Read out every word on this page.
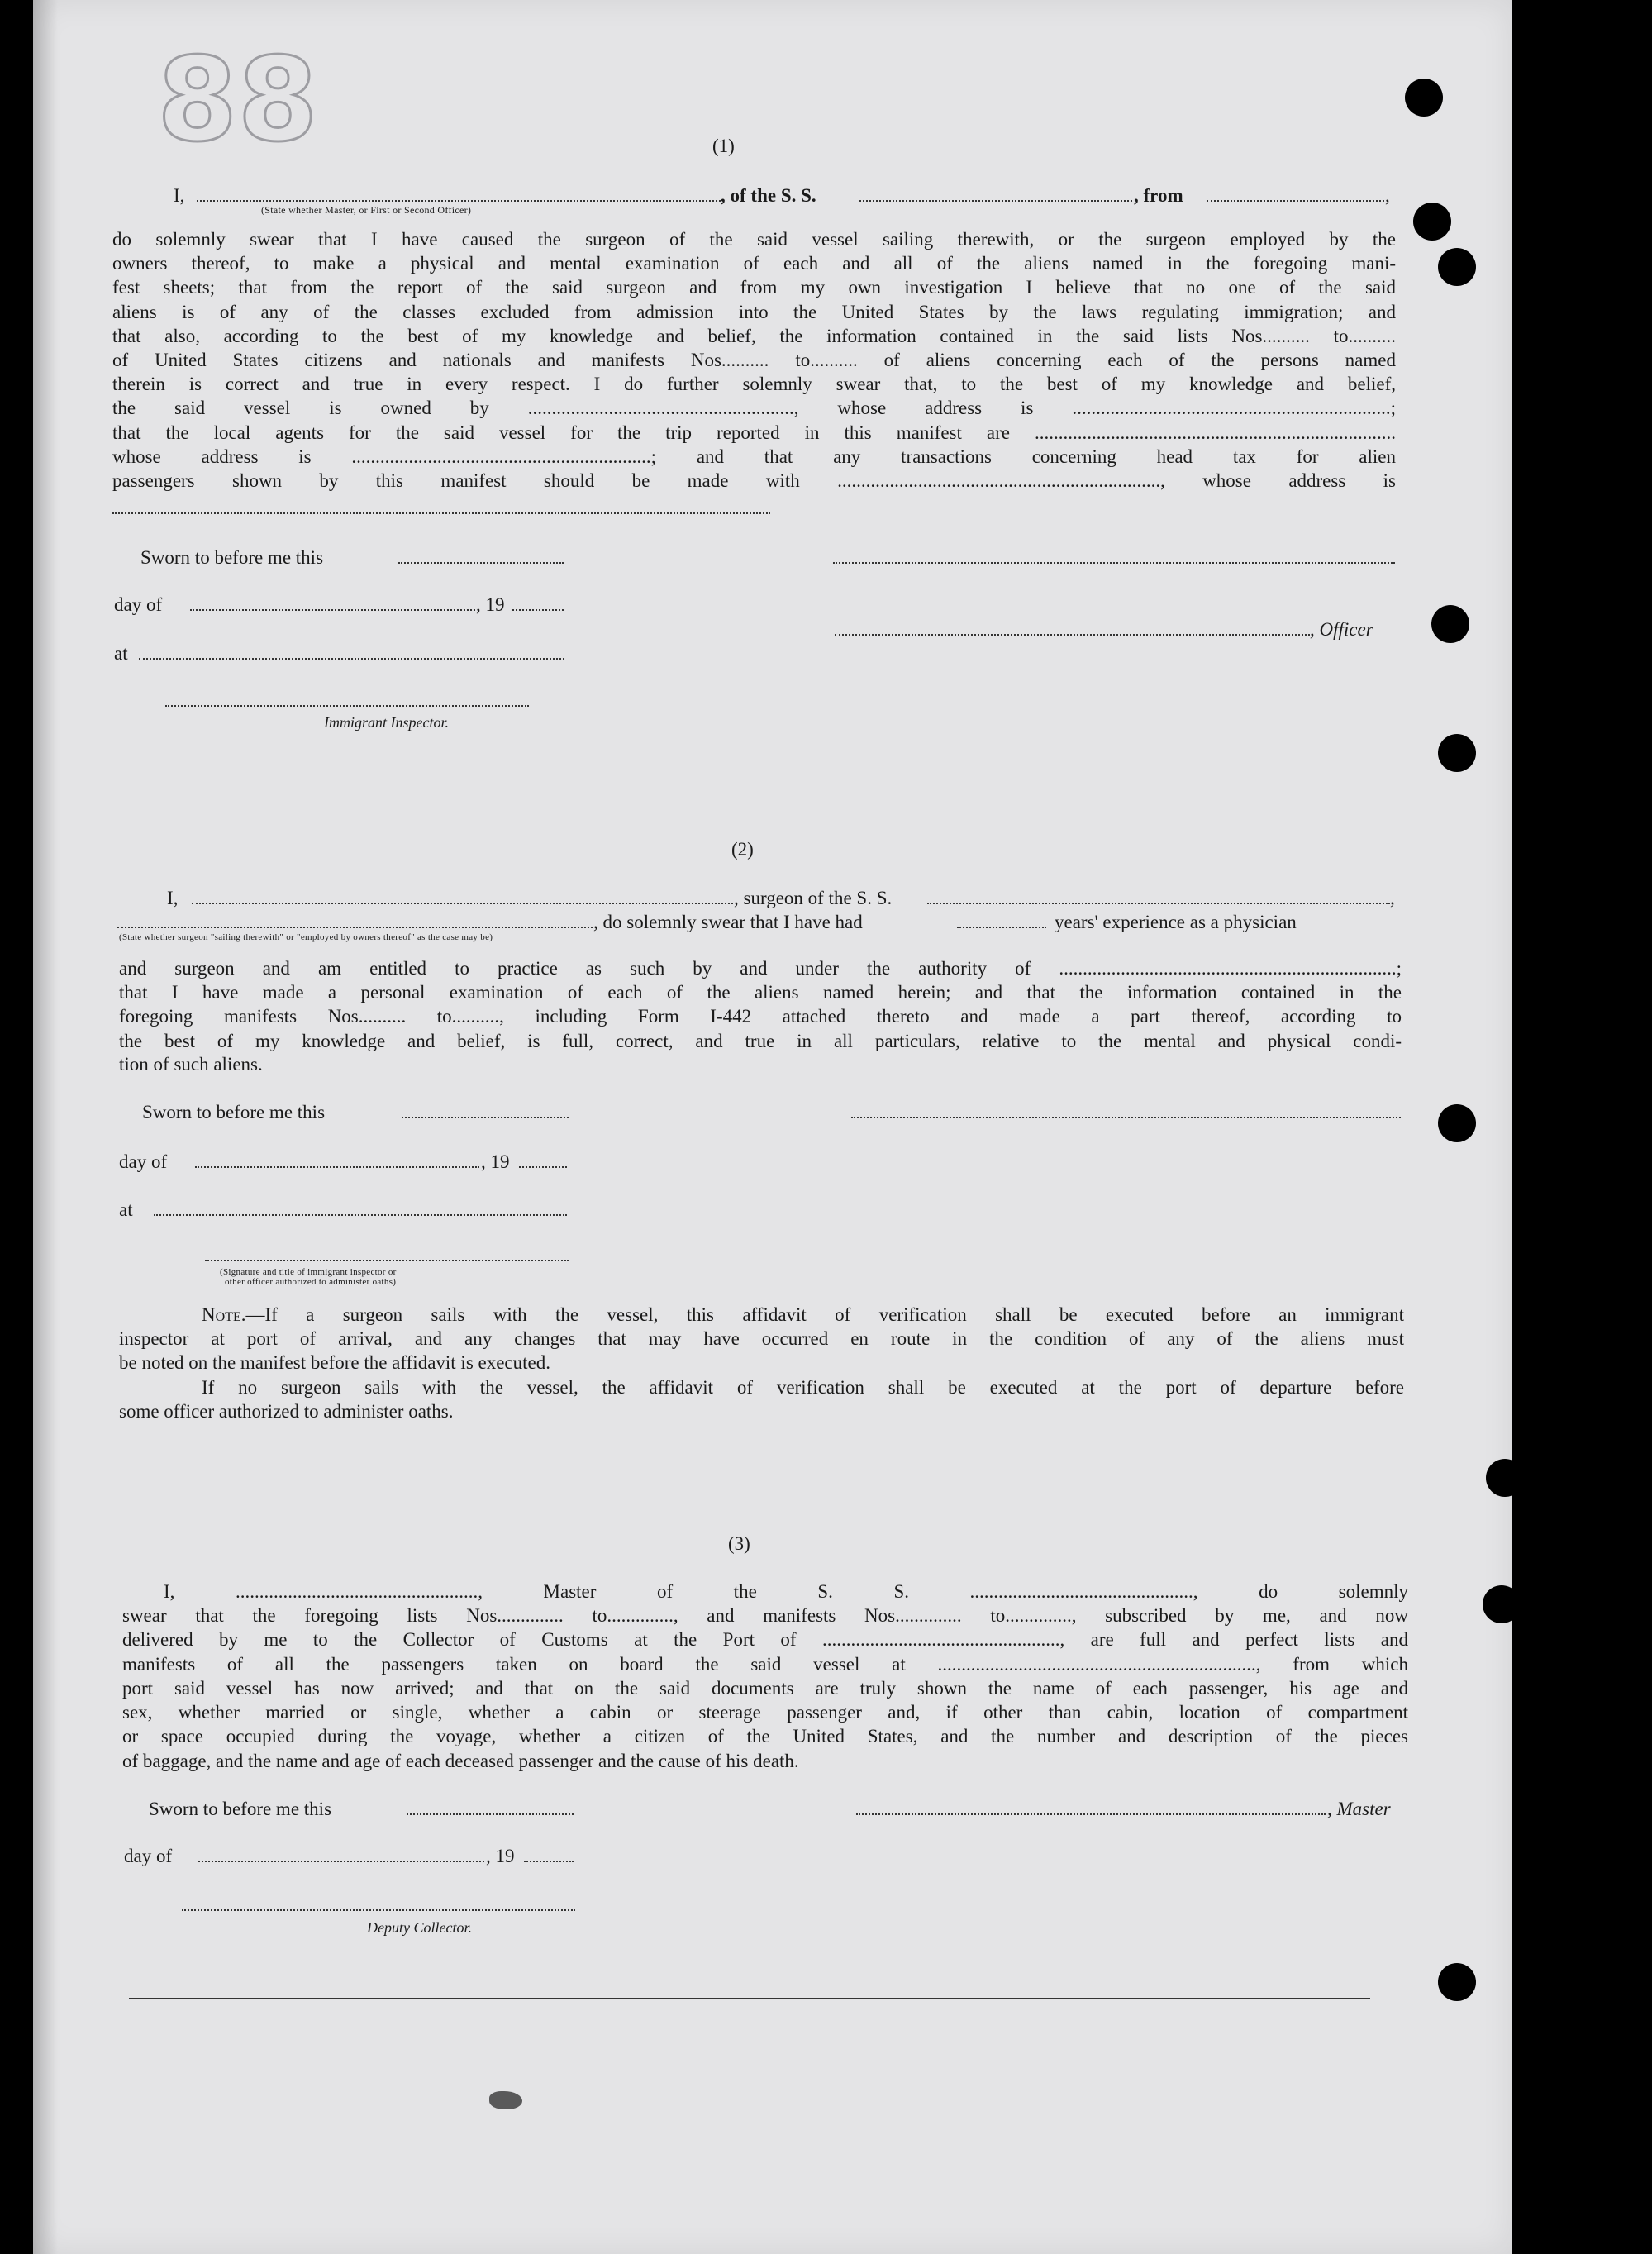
88	(1)
I,	, of the S. S.	, from	,
(State whether Master, or First or Second Officer)
do solemnly swear that I have caused the surgeon of the said vessel sailing therewith, or the surgeon employed by the
owners thereof, to make a physical and mental examination of each and all of the aliens named in the foregoing mani-
fest sheets; that from the report of the said surgeon and from my own investigation I believe that no one of the said
aliens is of any of the classes excluded from admission into the United States by the laws regulating immigration; and
that also, according to the best of my knowledge and belief, the information contained in the said lists Nos.......... to..........
of United States citizens and nationals and manifests Nos.......... to.......... of aliens concerning each of the persons named
therein is correct and true in every respect. I do further solemnly swear that, to the best of my knowledge and belief,
the said vessel is owned by ........................................................, whose address is ...................................................................;
that the local agents for the said vessel for the trip reported in this manifest are ............................................................................
whose address is ...............................................................; and that any transactions concerning head tax for alien
passengers shown by this manifest should be made with ...................................................................., whose address is
Sworn to before me this
day of	, 19
, Officer
at
Immigrant Inspector.
(2)
I,	, surgeon of the S. S.	,
, do solemnly swear that I have had	years' experience as a physician
(State whether surgeon "sailing therewith" or "employed by owners thereof" as the case may be)
and surgeon and am entitled to practice as such by and under the authority of .......................................................................;
that I have made a personal examination of each of the aliens named herein; and that the information contained in the
foregoing manifests Nos.......... to.........., including Form I-442 attached thereto and made a part thereof, according to
the best of my knowledge and belief, is full, correct, and true in all particulars, relative to the mental and physical condi-
tion of such aliens.
Sworn to before me this
day of	, 19
at
(Signature and title of immigrant inspector or
other officer authorized to administer oaths)
Note.—If a surgeon sails with the vessel, this affidavit of verification shall be executed before an immigrant
inspector at port of arrival, and any changes that may have occurred en route in the condition of any of the aliens must
be noted on the manifest before the affidavit is executed.
If no surgeon sails with the vessel, the affidavit of verification shall be executed at the port of departure before
some officer authorized to administer oaths.
(3)
I, ..................................................., Master of the S. S. ..............................................., do solemnly
swear that the foregoing lists Nos.............. to.............., and manifests Nos.............. to.............., subscribed by me, and now
delivered by me to the Collector of Customs at the Port of .................................................., are full and perfect lists and
manifests of all the passengers taken on board the said vessel at ..................................................................., from which
port said vessel has now arrived; and that on the said documents are truly shown the name of each passenger, his age and
sex, whether married or single, whether a cabin or steerage passenger and, if other than cabin, location of compartment
or space occupied during the voyage, whether a citizen of the United States, and the number and description of the pieces
of baggage, and the name and age of each deceased passenger and the cause of his death.
Sworn to before me this	, Master
day of	, 19
Deputy Collector.
